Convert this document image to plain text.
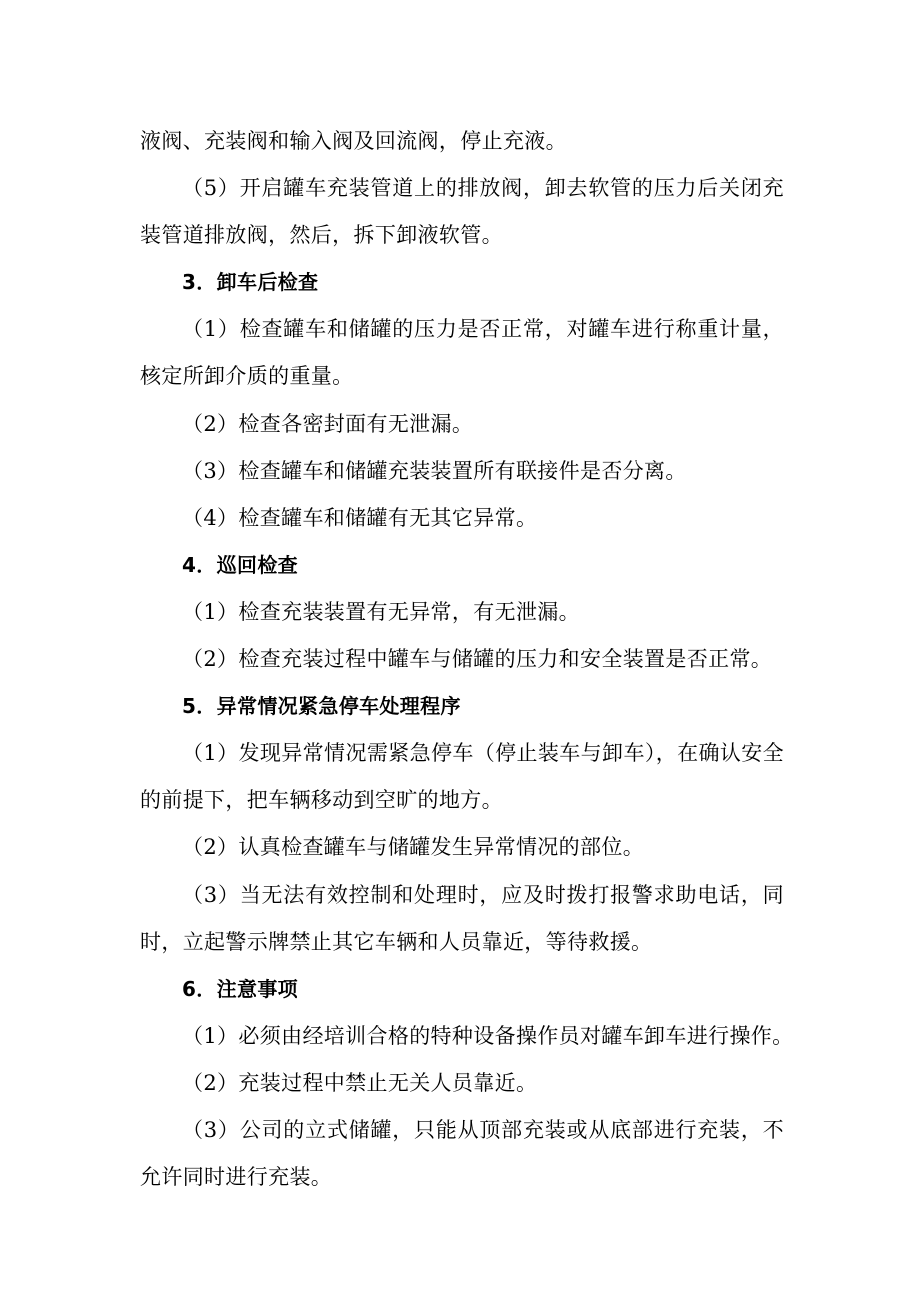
液阀、充装阀和输入阀及回流阀，停止充液。
（5）开启罐车充装管道上的排放阀，卸去软管的压力后关闭充
装管道排放阀，然后，拆下卸液软管。
3．卸车后检查
（1）检查罐车和储罐的压力是否正常，对罐车进行称重计量，
核定所卸介质的重量。
（2）检查各密封面有无泄漏。
（3）检查罐车和储罐充装装置所有联接件是否分离。
（4）检查罐车和储罐有无其它异常。
4．巡回检查
（1）检查充装装置有无异常，有无泄漏。
（2）检查充装过程中罐车与储罐的压力和安全装置是否正常。
5．异常情况紧急停车处理程序
（1）发现异常情况需紧急停车（停止装车与卸车），在确认安全
的前提下，把车辆移动到空旷的地方。
（2）认真检查罐车与储罐发生异常情况的部位。
（3）当无法有效控制和处理时，应及时拨打报警求助电话，同
时，立起警示牌禁止其它车辆和人员靠近，等待救援。
6．注意事项
（1）必须由经培训合格的特种设备操作员对罐车卸车进行操作。
（2）充装过程中禁止无关人员靠近。
（3）公司的立式储罐，只能从顶部充装或从底部进行充装，不
允许同时进行充装。
